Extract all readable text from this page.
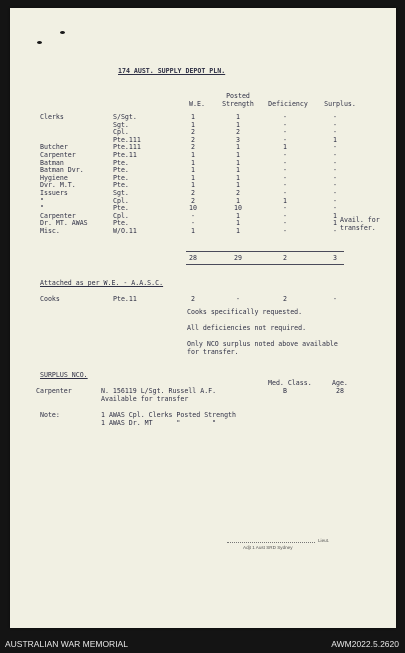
174 AUST. SUPPLY DEPOT PLN.
W.E.
Posted
Strength	Deficiency	Surplus.
Clerks	S/Sgt.	1	1	-	-
Sgt.	1	1	-	-
Cpl.	2	2	-	-
Pte.111	2	3	-	1
Butcher	Pte.111	2	1	1	-
Carpenter	Pte.11	1	1	-	-
Batman	Pte.	1	1	-	-
Batman Dvr.	Pte.	1	1	-	-
Hygiene	Pte.	1	1	-	-
Dvr. M.T.	Pte.	1	1	-	-
Issuers	Sgt.	2	2	-	-
"	Cpl.	2	1	1	-
"	Pte.	10	10	-	-
Carpenter	Cpl.	-	1	-	1
Dr. MT. AWAS	Pte.	-	1	-	1
Misc.	W/O.11	1	1	-	-
Avail. for
transfer.
28	29	2	3
Attached as per W.E. - A.A.S.C.
Cooks	Pte.11	2	-	2	-
Cooks specifically requested.
All deficiencies not required.
Only NCO surplus noted above available
for transfer.
SURPLUS NCO.
Med. Class.	Age.
Carpenter	N. 156119 L/Sgt. Russell A.F.	B	28
Available for transfer
Note:	1 AWAS Cpl. Clerks Posted Strength
1 AWAS Dr. MT      "        "
Lieut.
Adjt 1 Aust SRD Sydney
AUSTRALIAN WAR MEMORIAL	AWM2022.5.2620
